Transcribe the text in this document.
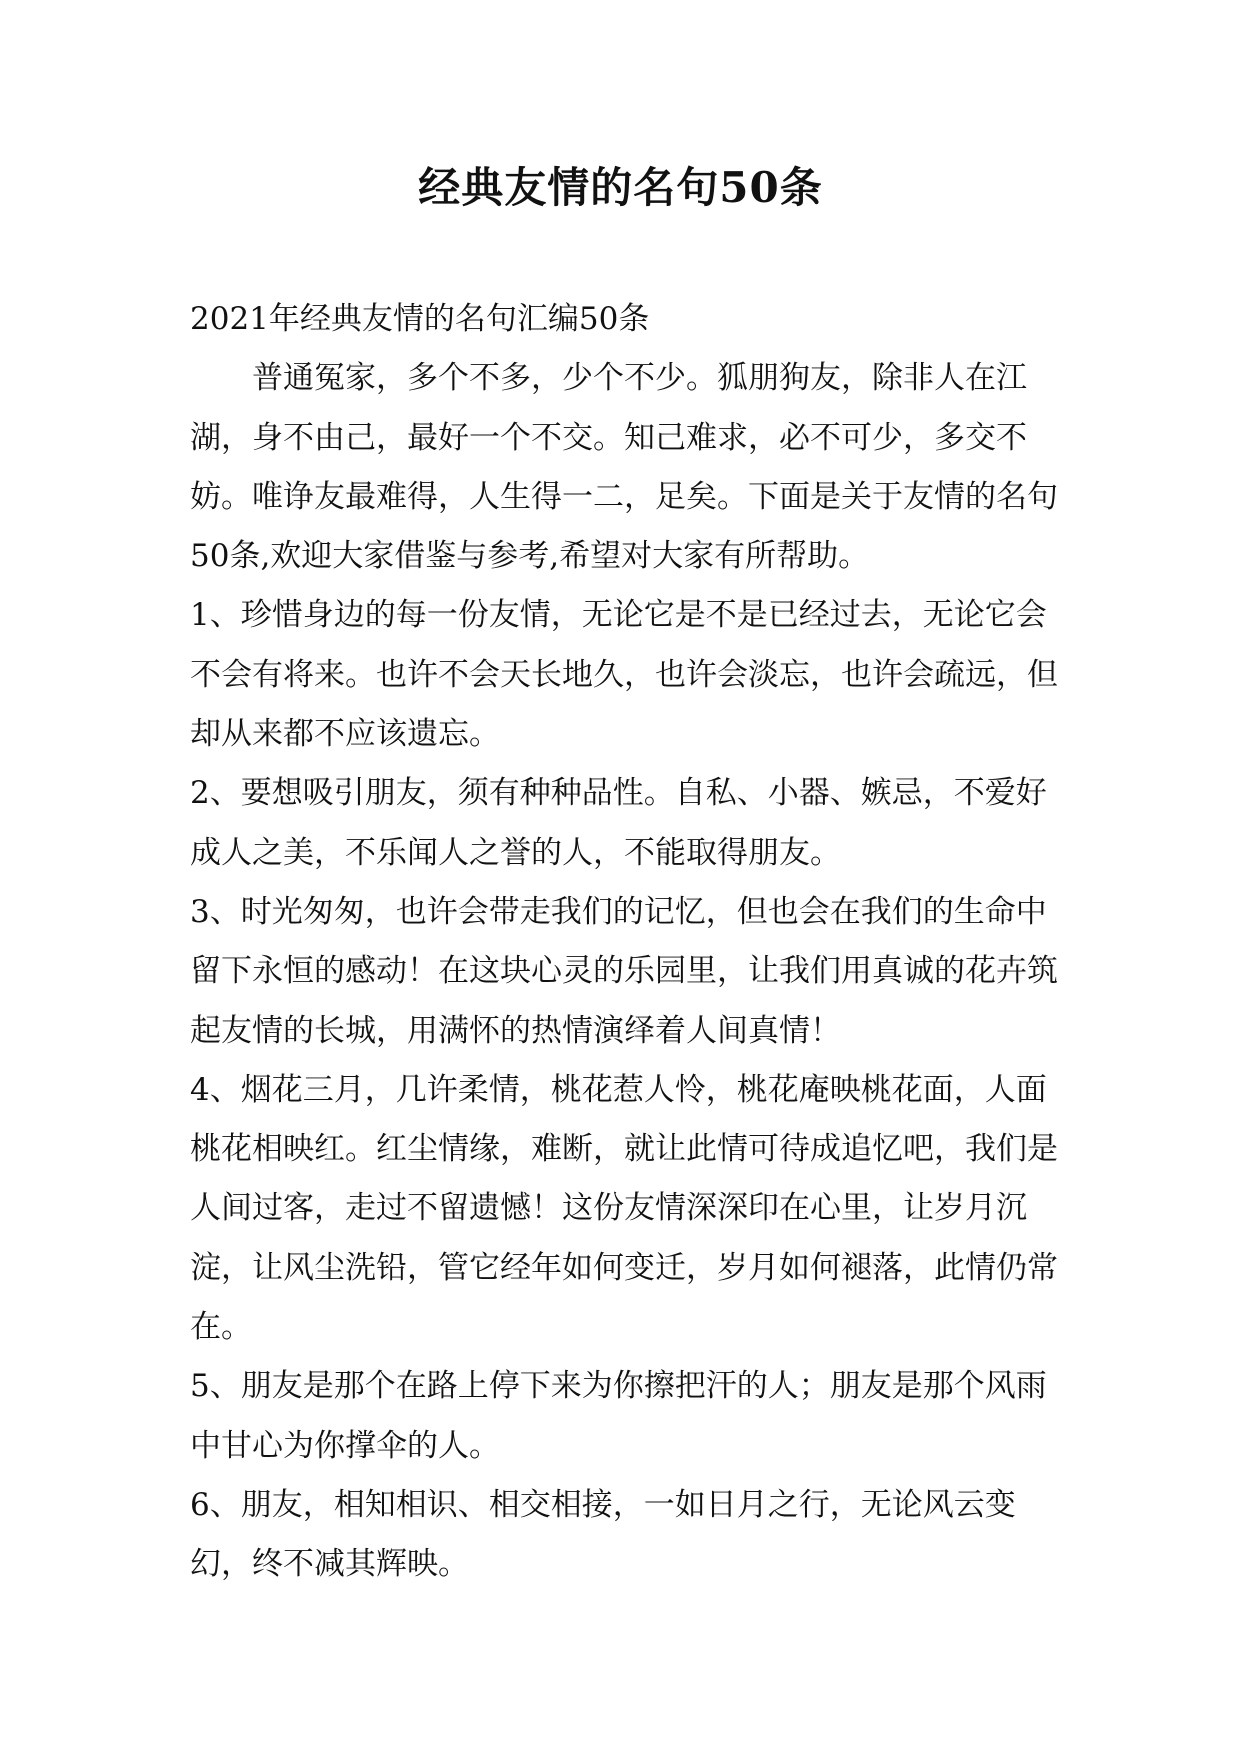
经典友情的名句50条

2021年经典友情的名句汇编50条

普通冤家，多个不多，少个不少。狐朋狗友，除非人在江湖，身不由己，最好一个不交。知己难求，必不可少，多交不妨。唯诤友最难得，人生得一二，足矣。下面是关于友情的名句50条,欢迎大家借鉴与参考,希望对大家有所帮助。

1、珍惜身边的每一份友情，无论它是不是已经过去，无论它会不会有将来。也许不会天长地久，也许会淡忘，也许会疏远，但却从来都不应该遗忘。

2、要想吸引朋友，须有种种品性。自私、小器、嫉忌，不爱好成人之美，不乐闻人之誉的人，不能取得朋友。

3、时光匆匆，也许会带走我们的记忆，但也会在我们的生命中留下永恒的感动！在这块心灵的乐园里，让我们用真诚的花卉筑起友情的长城，用满怀的热情演绎着人间真情！

4、烟花三月，几许柔情，桃花惹人怜，桃花庵映桃花面，人面桃花相映红。红尘情缘，难断，就让此情可待成追忆吧，我们是人间过客，走过不留遗憾！这份友情深深印在心里，让岁月沉淀，让风尘洗铅，管它经年如何变迁，岁月如何褪落，此情仍常在。

5、朋友是那个在路上停下来为你擦把汗的人；朋友是那个风雨中甘心为你撑伞的人。

6、朋友，相知相识、相交相接，一如日月之行，无论风云变幻，终不减其辉映。
